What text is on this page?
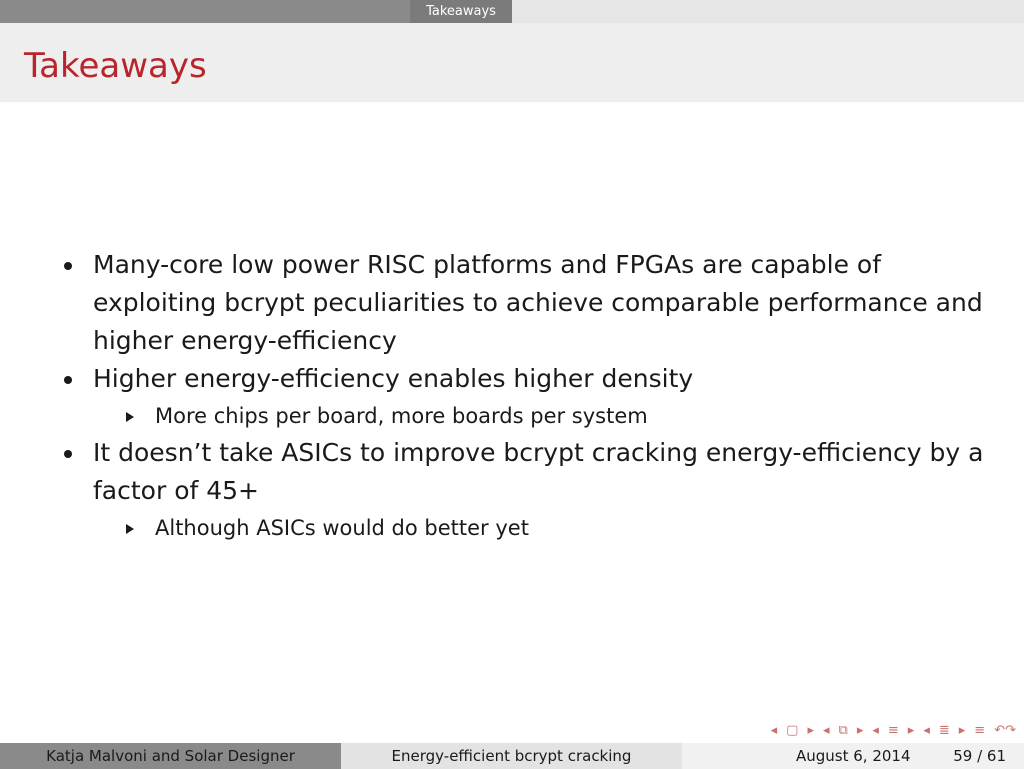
Takeaways
Takeaways
Many-core low power RISC platforms and FPGAs are capable of exploiting bcrypt peculiarities to achieve comparable performance and higher energy-efficiency
Higher energy-efficiency enables higher density
More chips per board, more boards per system
It doesn’t take ASICs to improve bcrypt cracking energy-efficiency by a factor of 45+
Although ASICs would do better yet
◂ ▢ ▸ ◂ ⧉ ▸ ◂ ≡ ▸ ◂ ≣ ▸ ≡ ↶↷
Katja Malvoni and Solar Designer	Energy-efficient bcrypt cracking	August 6, 2014	59 / 61
